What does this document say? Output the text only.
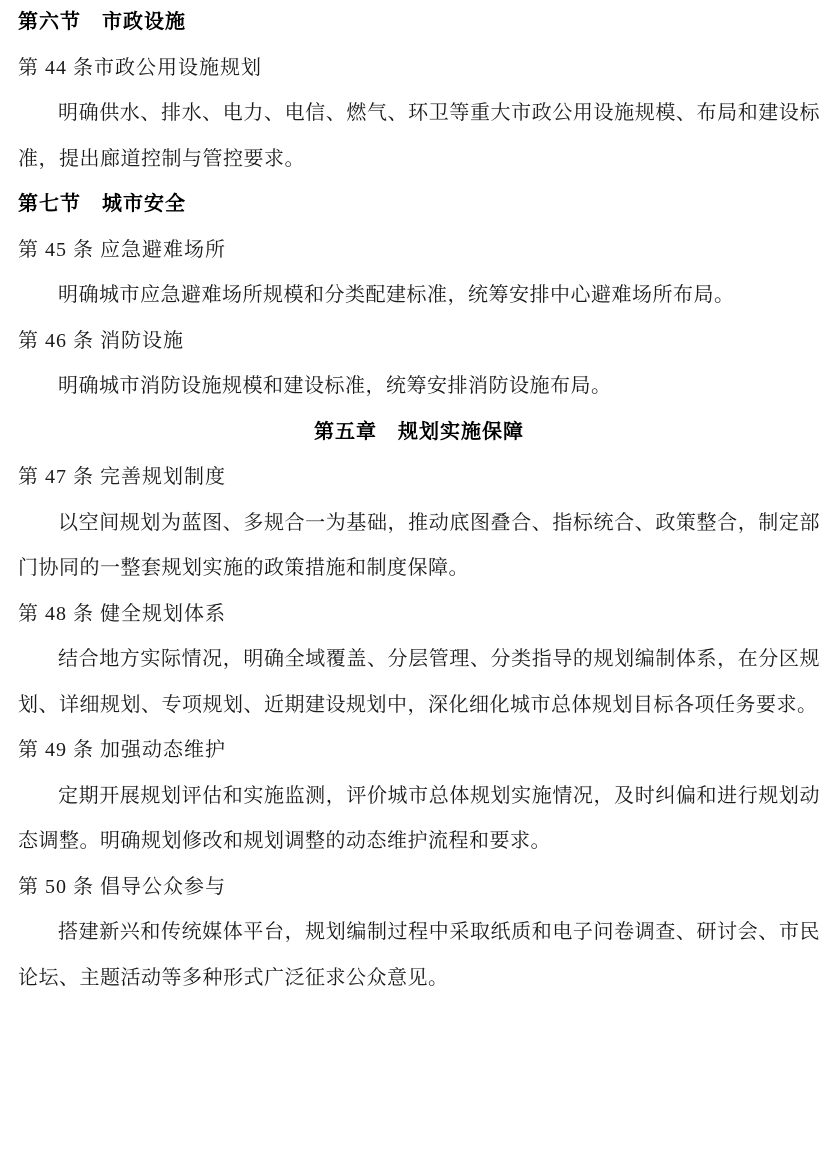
第六节　市政设施
第 44 条市政公用设施规划
明确供水、排水、电力、电信、燃气、环卫等重大市政公用设施规模、布局和建设标准，提出廊道控制与管控要求。
第七节　城市安全
第 45 条 应急避难场所
明确城市应急避难场所规模和分类配建标准，统筹安排中心避难场所布局。
第 46 条 消防设施
明确城市消防设施规模和建设标准，统筹安排消防设施布局。
第五章　规划实施保障
第 47 条 完善规划制度
以空间规划为蓝图、多规合一为基础，推动底图叠合、指标统合、政策整合，制定部门协同的一整套规划实施的政策措施和制度保障。
第 48 条 健全规划体系
结合地方实际情况，明确全域覆盖、分层管理、分类指导的规划编制体系，在分区规划、详细规划、专项规划、近期建设规划中，深化细化城市总体规划目标各项任务要求。
第 49 条 加强动态维护
定期开展规划评估和实施监测，评价城市总体规划实施情况，及时纠偏和进行规划动态调整。明确规划修改和规划调整的动态维护流程和要求。
第 50 条 倡导公众参与
搭建新兴和传统媒体平台，规划编制过程中采取纸质和电子问卷调查、研讨会、市民论坛、主题活动等多种形式广泛征求公众意见。
